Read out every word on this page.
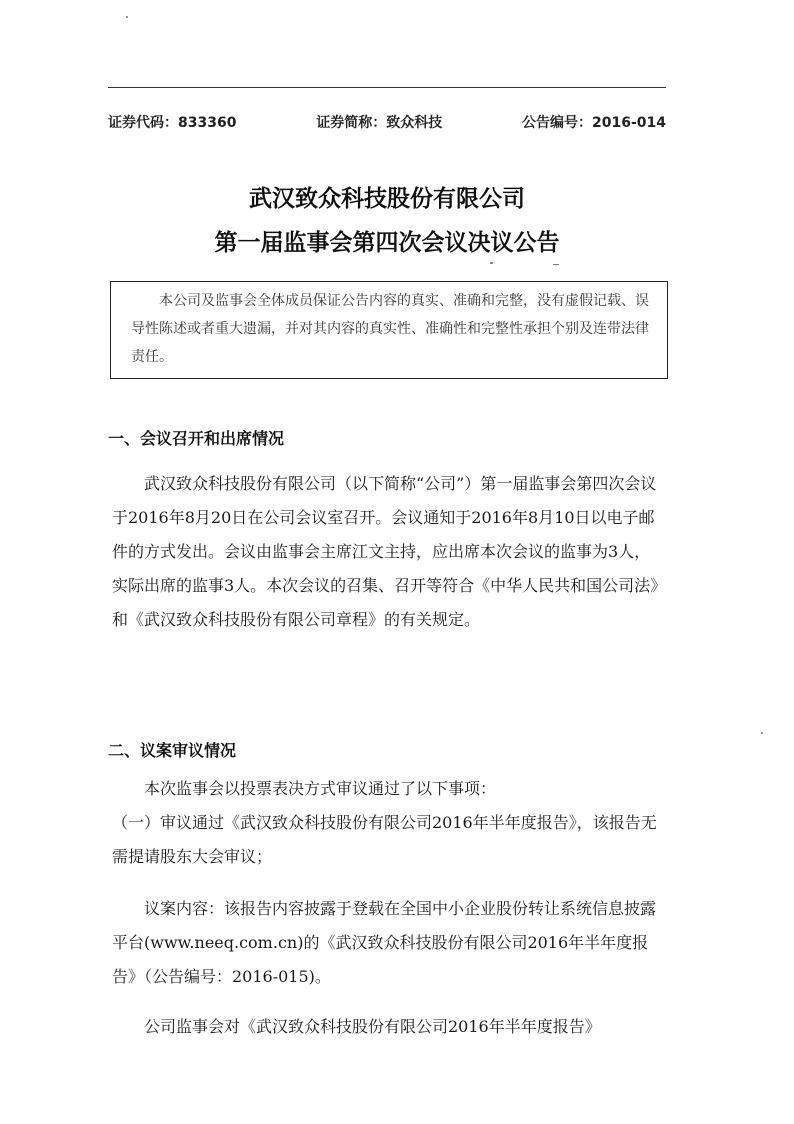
证券代码：833360	证券简称：致众科技	公告编号：2016-014
武汉致众科技股份有限公司
第一届监事会第四次会议决议公告

本公司及监事会全体成员保证公告内容的真实、准确和完整，没有虚假记载、误导性陈述或者重大遗漏，并对其内容的真实性、准确性和完整性承担个别及连带法律责任。

一、会议召开和出席情况

武汉致众科技股份有限公司（以下简称“公司”）第一届监事会第四次会议于2016年8月20日在公司会议室召开。会议通知于2016年8月10日以电子邮件的方式发出。会议由监事会主席江文主持，应出席本次会议的监事为3人，实际出席的监事3人。本次会议的召集、召开等符合《中华人民共和国公司法》和《武汉致众科技股份有限公司章程》的有关规定。

二、议案审议情况

本次监事会以投票表决方式审议通过了以下事项：

（一）审议通过《武汉致众科技股份有限公司2016年半年度报告》，该报告无需提请股东大会审议；

议案内容：该报告内容披露于登载在全国中小企业股份转让系统信息披露平台(www.neeq.com.cn)的《武汉致众科技股份有限公司2016年半年度报告》（公告编号：2016-015)。

公司监事会对《武汉致众科技股份有限公司2016年半年度报告》
